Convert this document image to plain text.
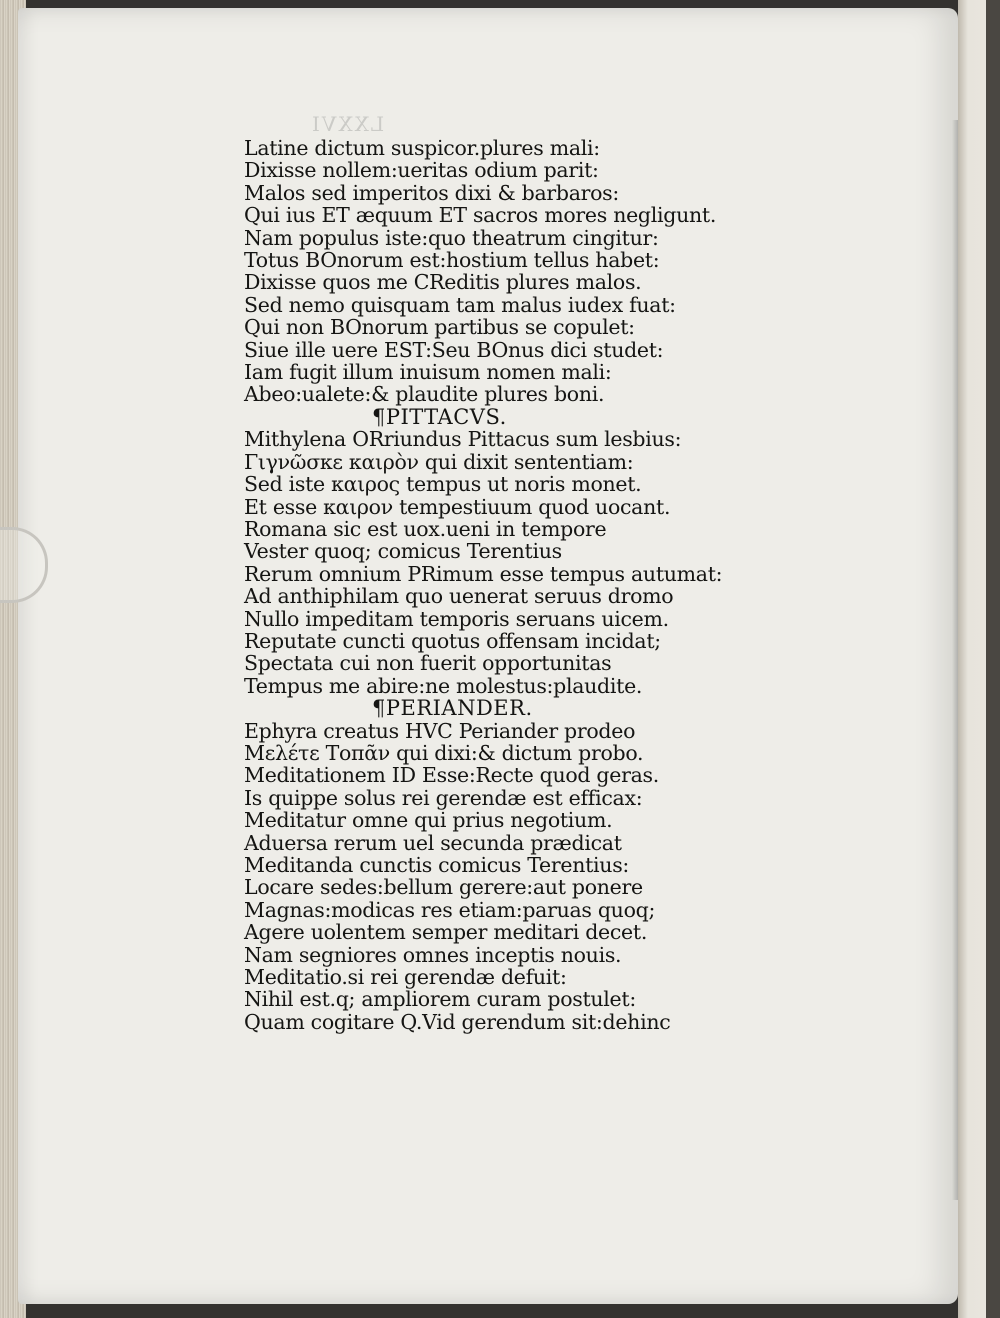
LXXVI
Latine dictum suspicor.plures mali:
Dixisse nollem:ueritas odium parit:
Malos sed imperitos dixi & barbaros:
Qui ius ET æquum ET sacros mores negligunt.
Nam populus iste:quo theatrum cingitur:
Totus BOnorum est:hostium tellus habet:
Dixisse quos me CReditis plures malos.
Sed nemo quisquam tam malus iudex fuat:
Qui non BOnorum partibus se copulet:
Siue ille uere EST:Seu BOnus dici studet:
Iam fugit illum inuisum nomen mali:
Abeo:ualete:& plaudite plures boni.
¶PITTACVS.
Mithylena ORriundus Pittacus sum lesbius:
Γιγνῶσκε καιρὸν qui dixit sententiam:
Sed iste καιρος tempus ut noris monet.
Et esse καιρον tempestiuum quod uocant.
Romana sic est uox.ueni in tempore
Vester quoq; comicus Terentius
Rerum omnium PRimum esse tempus autumat:
Ad anthiphilam quo uenerat seruus dromo
Nullo impeditam temporis seruans uicem.
Reputate cuncti quotus offensam incidat;
Spectata cui non fuerit opportunitas
Tempus me abire:ne molestus:plaudite.
¶PERIANDER.
Ephyra creatus HVC Periander prodeo
Μελέτε Τοπᾶν qui dixi:& dictum probo.
Meditationem ID Esse:Recte quod geras.
Is quippe solus rei gerendæ est efficax:
Meditatur omne qui prius negotium.
Aduersa rerum uel secunda prædicat
Meditanda cunctis comicus Terentius:
Locare sedes:bellum gerere:aut ponere
Magnas:modicas res etiam:paruas quoq;
Agere uolentem semper meditari decet.
Nam segniores omnes inceptis nouis.
Meditatio.si rei gerendæ defuit:
Nihil est.q; ampliorem curam postulet:
Quam cogitare Q.Vid gerendum sit:dehinc
